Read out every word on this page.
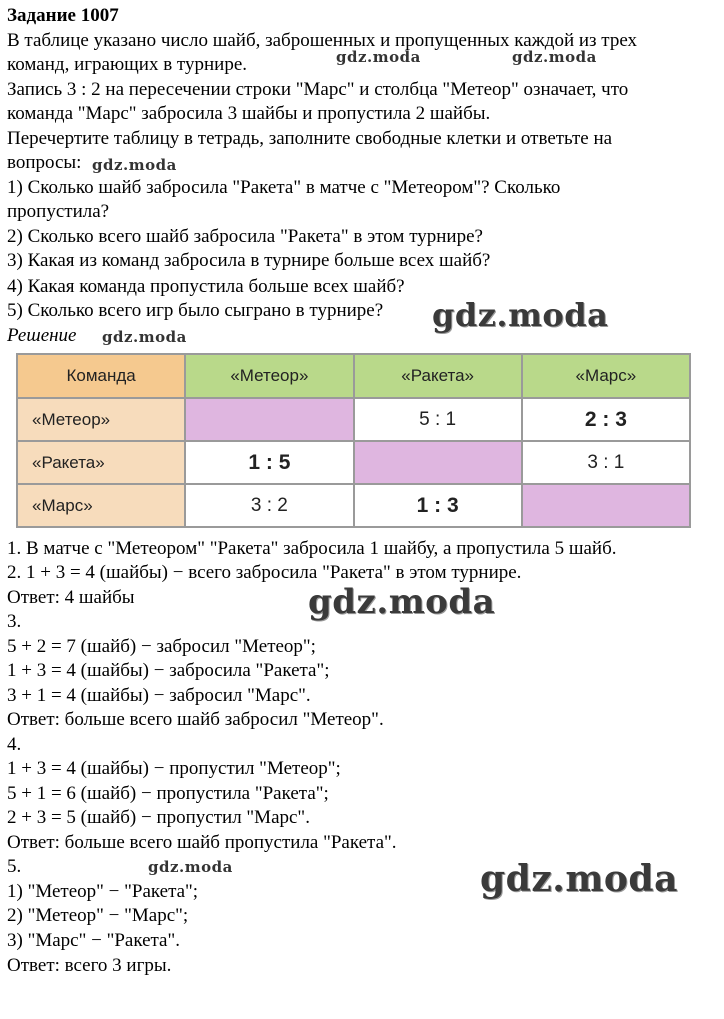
Задание 1007
В таблице указано число шайб, заброшенных и пропущенных каждой из трех
команд, играющих в турнире.
Запись 3 : 2 на пересечении строки "Марс" и столбца "Метеор" означает, что
команда "Марс" забросила 3 шайбы и пропустила 2 шайбы.
Перечертите таблицу в тетрадь, заполните свободные клетки и ответьте на
вопросы:
1) Сколько шайб забросила "Ракета" в матче с "Метеором"? Сколько
пропустила?
2) Сколько всего шайб забросила "Ракета" в этом турнире?
3) Какая из команд забросила в турнире больше всех шайб?
4) Какая команда пропустила больше всех шайб?
5) Сколько всего игр было сыграно в турнире?
Решение
Команда	«Метеор»	«Ракета»	«Марс»
«Метеор»		5 : 1	2 : 3
«Ракета»	1 : 5		3 : 1
«Марс»	3 : 2	1 : 3	
1. В матче с "Метеором" "Ракета" забросила 1 шайбу, а пропустила 5 шайб.
2. 1 + 3 = 4 (шайбы) − всего забросила "Ракета" в этом турнире.
Ответ: 4 шайбы
3.
5 + 2 = 7 (шайб) − забросил "Метеор";
1 + 3 = 4 (шайбы) − забросила "Ракета";
3 + 1 = 4 (шайбы) − забросил "Марс".
Ответ: больше всего шайб забросил "Метеор".
4.
1 + 3 = 4 (шайбы) − пропустил "Метеор";
5 + 1 = 6 (шайб) − пропустила "Ракета";
2 + 3 = 5 (шайб) − пропустил "Марс".
Ответ: больше всего шайб пропустила "Ракета".
5.
1) "Метеор" − "Ракета";
2) "Метеор" − "Марс";
3) "Марс" − "Ракета".
Ответ: всего 3 игры.
gdz.moda	gdz.moda
gdz.moda
gdz.moda
gdz.moda
gdz.moda
gdz.moda	gdz.moda
